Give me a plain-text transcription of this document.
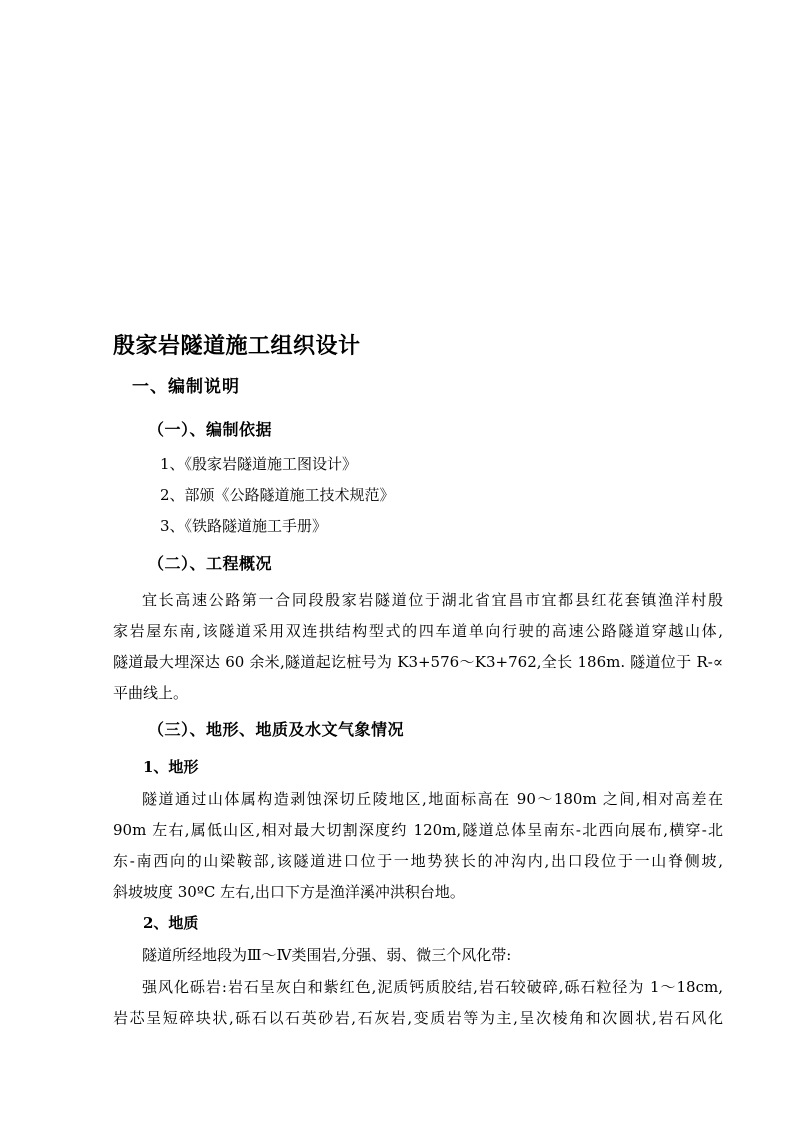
殷家岩隧道施工组织设计
一、编制说明
（一）、编制依据
1、《殷家岩隧道施工图设计》
2、部颁《公路隧道施工技术规范》
3、《铁路隧道施工手册》
（二）、工程概况
宜长高速公路第一合同段殷家岩隧道位于湖北省宜昌市宜都县红花套镇渔洋村殷
家岩屋东南,该隧道采用双连拱结构型式的四车道单向行驶的高速公路隧道穿越山体,
隧道最大埋深达 60 余米,隧道起讫桩号为 K3+576～K3+762,全长 186m. 隧道位于 R-∝
平曲线上。
（三）、地形、地质及水文气象情况
1、地形
隧道通过山体属构造剥蚀深切丘陵地区,地面标高在 90～180m 之间,相对高差在
90m 左右,属低山区,相对最大切割深度约 120m,隧道总体呈南东-北西向展布,横穿-北
东-南西向的山梁鞍部,该隧道进口位于一地势狭长的冲沟内,出口段位于一山脊侧坡,
斜坡坡度 30ºC 左右,出口下方是渔洋溪冲洪积台地。
2、地质
隧道所经地段为Ⅲ～Ⅳ类围岩,分强、弱、微三个风化带:
强风化砾岩:岩石呈灰白和紫红色,泥质钙质胶结,岩石较破碎,砾石粒径为 1～18cm,
岩芯呈短碎块状,砾石以石英砂岩,石灰岩,变质岩等为主,呈次棱角和次圆状,岩石风化
